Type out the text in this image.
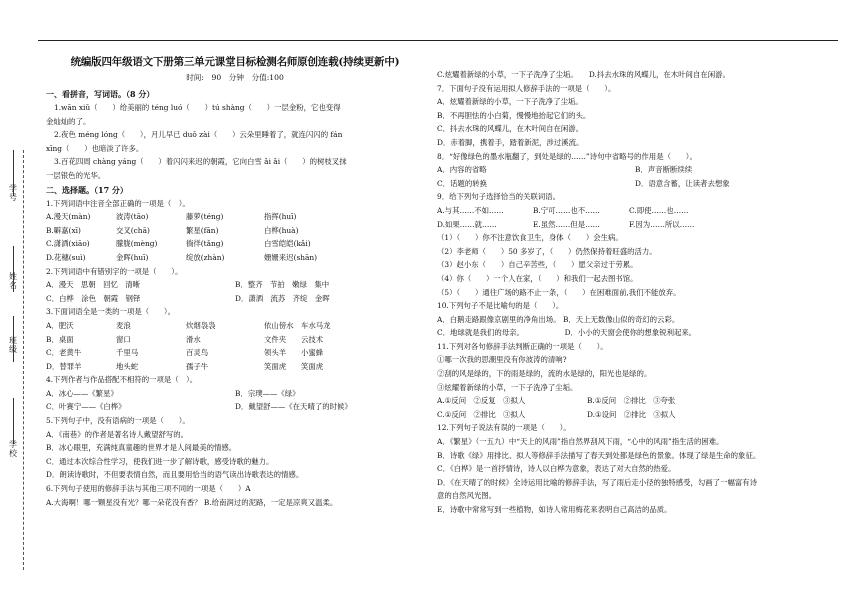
学号
姓名
班级
学校
统编版四年级语文下册第三单元课堂目标检测名师原创连载(持续更新中)
时间:　90　分钟　分值:100
一、看拼音，写词语。（8 分）
1.wān xiǔ（　　）给美丽的 téng luó（　　）tú shàng（　　）一层金粉，它也变得
金灿灿的了。
2.夜色 méng lóng（　　），月儿早已 duǒ zài（　　）云朵里睡着了，就连闪闪的 fán
xīng（　　）也暗淡了许多。
3.百花四周 chàng yáng（　　）着闪闪来迟的朝霞，它向白雪 ǎi ǎi（　　）的树枝叉抹
一层银色的光华。
二、选择题。（17 分）
1.下列词语中注音全部正确的一项是（　）。
A.漫天(màn)	波涛(tāo)	藤萝(téng)	指挥(huī)
B.噼嘉(xī)	交叉(chā)	繁星(fān)	白桦(huà)
C.潇洒(xiāo)	朦胧(mèng)	徜徉(tǎng)	白雪皑皑(kǎi)
D.花穗(suì)	金晖(huī)	绽放(zhàn)	姗姗来迟(shān)
2.下列词语中有错别字的一项是（　　）。
A．漫天　思朝　回忆　清晰	B．整齐　节拍　嫩绿　集中
C．白桦　涂色　朝霞　钢铎	D．潇洒　流苏　齐绽　金晖
3.下面词语全是一类的一项是（　　）。
A．肥沃	麦浪	炊烟袅袅	依山傍水　车水马龙
B．桌面	窗口	滑水	文件夹　　云技术
C．老黄牛	千里马	百灵鸟	领头羊　　小蜜蜂
D．替罪羊	地头蛇	孺子牛	笑面虎　　笑面虎
4.下列作者与作品搭配不相符的一项是（　）。
A．冰心——《繁星》	B．宗璞——《绿》
C．叶赛宁——《白桦》	D．戴望舒——《在天晴了的时候》
5.下列句子中，没有语病的一项是（　　）。
A．《南巷》的作者是著名诗人戴望舒写的。
B．冰心眼里，充满纯真童趣的世界才是人间最美的情感。
C．通过本次综合性学习，使我们进一步了解诗歌，感受诗歌的魅力。
D．朗读诗歌时，不但要表情自然，而且要用恰当的语气读出诗歌表达的情感。
6.下列句子使用的修辞手法与其他三项不同的一项是（　　）A
A.大海啊！哪一颗星没有光？哪一朵花没有香？ B.给南润过的泥路，一定是凉爽又温柔。
C.炫耀着新绿的小草，一下子洗净了尘垢。　　D.抖去水珠的风蝶儿，在木叶间自在闲游。
7．下面句子没有运用拟人修辞手法的一项是（　　）。
A．炫耀着新绿的小草，一下子洗净了尘垢。
B．不再胆怯的小白菊，慢慢地抬起它们的头。
C．抖去水珠的风蝶儿，在木叶间自在闲游。
D．赤着脚，携着手，踏着新泥，涉过溪流。
8．“好像绿色的墨水瓶翻了，到处是绿的……”诗句中省略号的作用是（　　）。
A．内容的省略	B．声音断断续续
C．话题的转换	D．语意含蓄，让读者去想象
9．给下列句子选择恰当的关联词语。
A.与其……不如……	B.宁可……也不……	C.即使……也……
D.如果……就……	E.虽然……但是……	F.因为……所以……
（1）（　　）你不注意饮食卫生，身体（　　）会生病。
（2）李老师（　　）50 多岁了，（　　）仍然保持着旺盛的活力。
（3）赵小东（　　）自己辛苦些，（　　）愿父亲过于劳累。
（4）你（　　）一个人在家，（　　）和我们一起去图书馆。
（5）（　　）通往广场的路不止一条，（　　）在困难面前,我们不能放弃。
10.下列句子不是比喻句的是（　　）。
A．白鹅走路跟像京剧里的净角出场。 B．天上无数像山似的奇幻的云彩。
C．地球就是我们的母亲。　　　　　　D．小小的天窗会使你的想象锐利起来。
11.下列对各句修辞手法判断正确的一项是（　　）。
①哪一次我的思潮里没有你波涛的清响?
②刮的风是绿的，下的雨是绿的，流的水是绿的，阳光也是绿的。
③炫耀着新绿的小草，一下子洗净了尘垢。
A.①反问　②反复　③拟人	B.①反问　②排比　③夸张
C.①反问　②排比　③拟人	D.①设问　②排比　③拟人
12.下列句子说法有误的一项是（　　）。
A．《繁星》（一五九）中“天上的风雨”指自然界刮风下雨，“心中的风雨”指生活的困难。
B．诗歌《绿》用排比、拟人等修辞手法描写了春天到处都是绿色的景象。体现了绿是生命的象征。
C．《白桦》是一首抒情诗，诗人以白桦为意象，表达了对大自然的热爱。
D．《在天晴了的时候》全诗运用比喻的修辞手法，写了雨后走小径的独特感受，勾画了一幅富有诗
意的自然风光图。
E．诗歌中常常写到一些植物，如诗人常用梅花来表明自己高洁的品质。
